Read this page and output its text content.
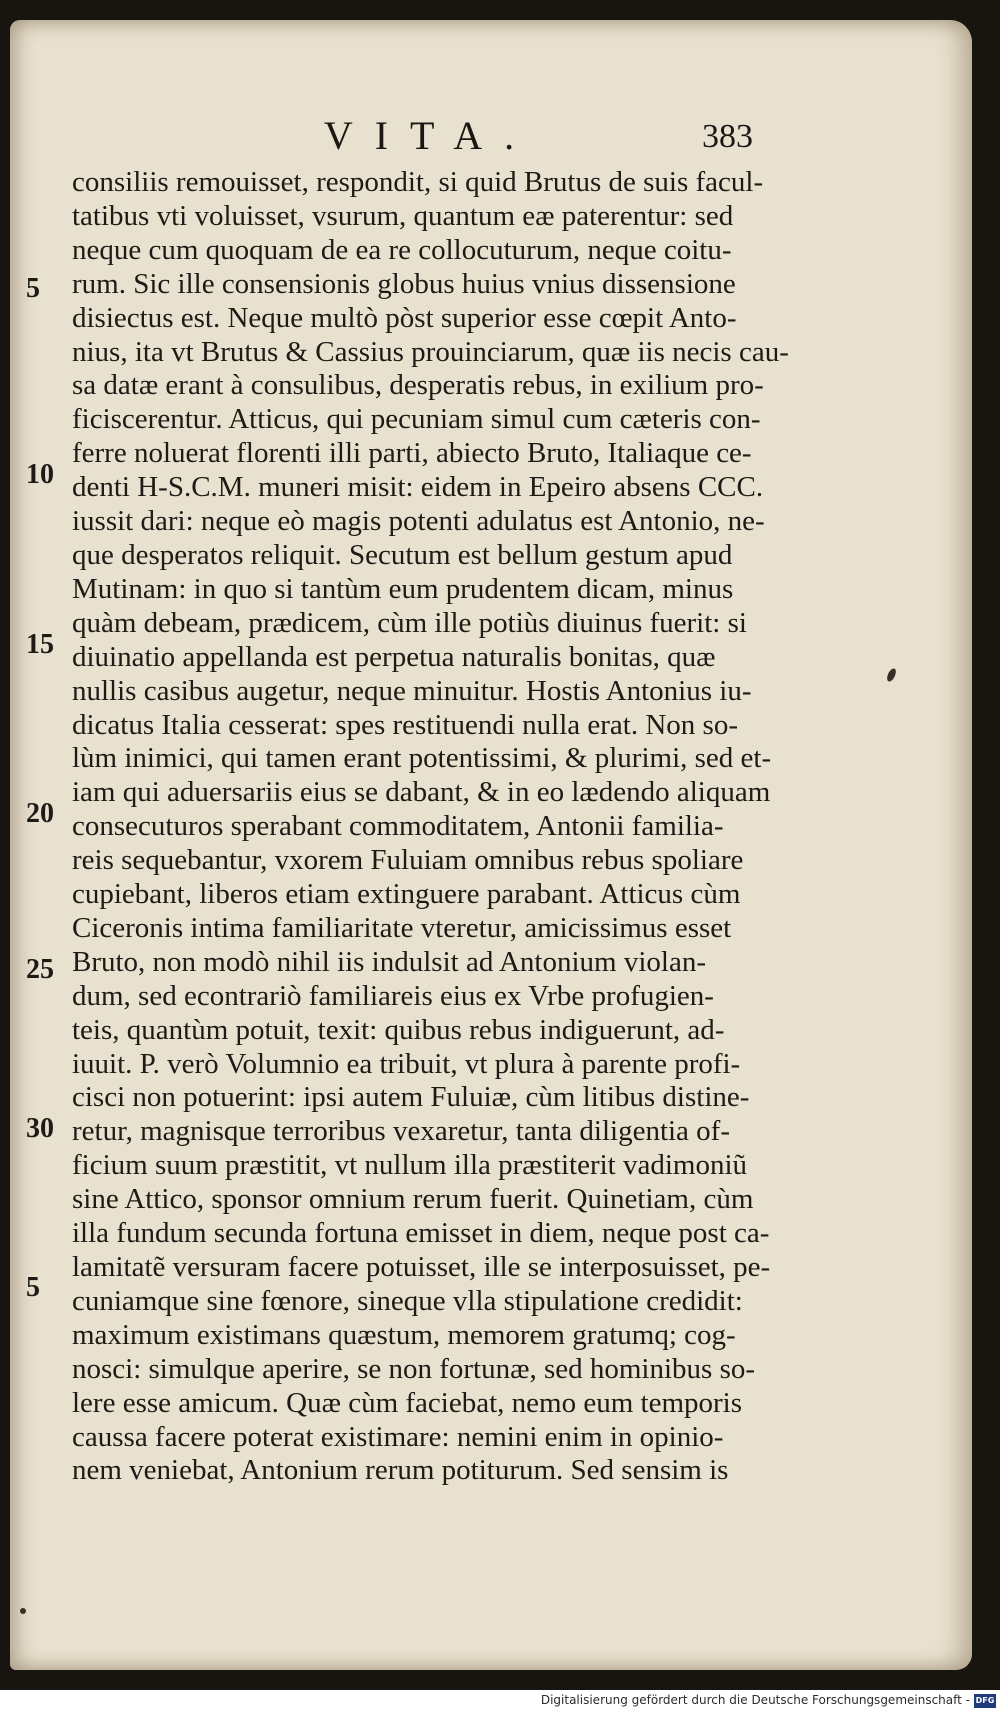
VITA.	383
consiliis remouisset, respondit, si quid Brutus de suis facul-
tatibus vti voluisset, vsurum, quantum eæ paterentur: sed
neque cum quoquam de ea re collocuturum, neque coitu-
rum. Sic ille consensionis globus huius vnius dissensione
disiectus est. Neque multò pòst superior esse cœpit Anto-
nius, ita vt Brutus & Cassius prouinciarum, quæ iis necis cau-
sa datæ erant à consulibus, desperatis rebus, in exilium pro-
ficiscerentur. Atticus, qui pecuniam simul cum cæteris con-
ferre noluerat florenti illi parti, abiecto Bruto, Italiaque ce-
denti H-S.C.M. muneri misit: eidem in Epeiro absens CCC.
iussit dari: neque eò magis potenti adulatus est Antonio, ne-
que desperatos reliquit. Secutum est bellum gestum apud
Mutinam: in quo si tantùm eum prudentem dicam, minus
quàm debeam, prædicem, cùm ille potiùs diuinus fuerit: si
diuinatio appellanda est perpetua naturalis bonitas, quæ
nullis casibus augetur, neque minuitur. Hostis Antonius iu-
dicatus Italia cesserat: spes restituendi nulla erat. Non so-
lùm inimici, qui tamen erant potentissimi, & plurimi, sed et-
iam qui aduersariis eius se dabant, & in eo lædendo aliquam
consecuturos sperabant commoditatem, Antonii familia-
reis sequebantur, vxorem Fuluiam omnibus rebus spoliare
cupiebant, liberos etiam extinguere parabant. Atticus cùm
Ciceronis intima familiaritate vteretur, amicissimus esset
Bruto, non modò nihil iis indulsit ad Antonium violan-
dum, sed econtrariò familiareis eius ex Vrbe profugien-
teis, quantùm potuit, texit: quibus rebus indiguerunt, ad-
iuuit. P. verò Volumnio ea tribuit, vt plura à parente profi-
cisci non potuerint: ipsi autem Fuluiæ, cùm litibus distine-
retur, magnisque terroribus vexaretur, tanta diligentia of-
ficium suum præstitit, vt nullum illa præstiterit vadimoniũ
sine Attico, sponsor omnium rerum fuerit. Quinetiam, cùm
illa fundum secunda fortuna emisset in diem, neque post ca-
lamitatẽ versuram facere potuisset, ille se interposuisset, pe-
cuniamque sine fœnore, sineque vlla stipulatione credidit:
maximum existimans quæstum, memorem gratumq; cog-
nosci: simulque aperire, se non fortunæ, sed hominibus so-
lere esse amicum. Quæ cùm faciebat, nemo eum temporis
caussa facere poterat existimare: nemini enim in opinio-
nem veniebat, Antonium rerum potiturum. Sed sensim is
5
10
15
20
25
30
5
Digitalisierung gefördert durch die Deutsche Forschungsgemeinschaft - DFG
